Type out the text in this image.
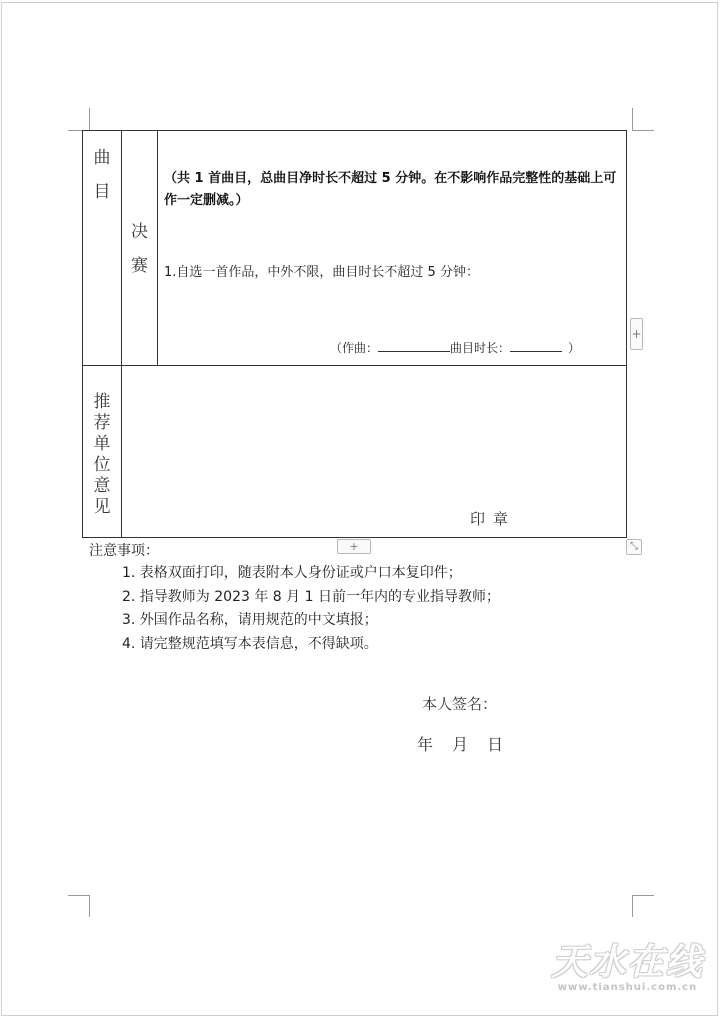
曲目	决赛	（共 1 首曲目，总曲目净时长不超过 5 分钟。在不影响作品完整性的基础上可作一定删减。）
1.自选一首作品，中外不限，曲目时长不超过 5 分钟：
（作曲： 曲目时长： ）

推荐单位意见	印章	
+
+	⤡
注意事项：
1. 表格双面打印，随表附本人身份证或户口本复印件；
2. 指导教师为 2023 年 8 月 1 日前一年内的专业指导教师；
3. 外国作品名称，请用规范的中文填报；
4. 请完整规范填写本表信息，不得缺项。
本人签名：
年 月 日
天水在线
www.tianshui.com.cn
